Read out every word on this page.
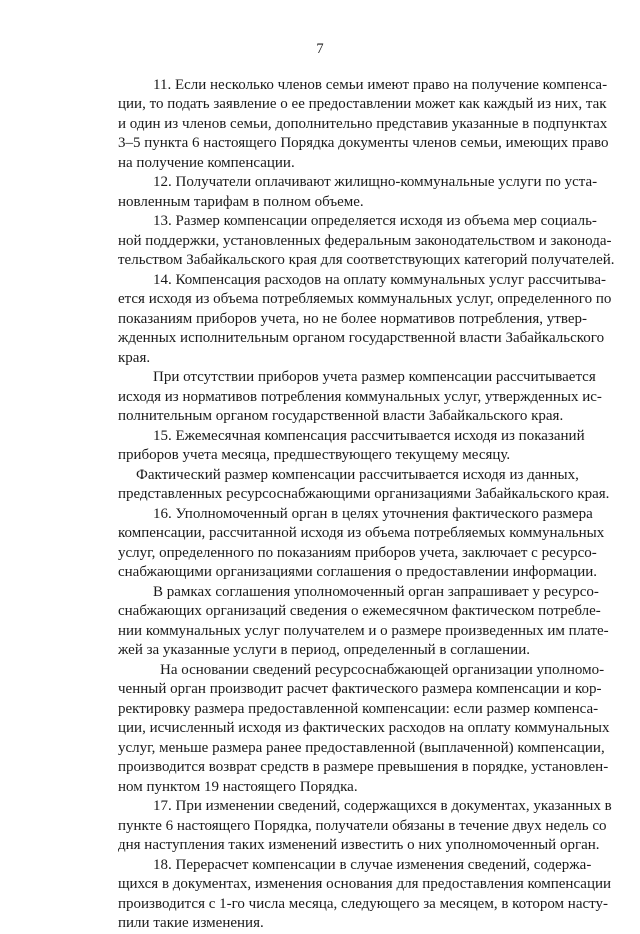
7

11. Если несколько членов семьи имеют право на получение компенса-
ции, то подать заявление о ее предоставлении может как каждый из них, так
и один из членов семьи, дополнительно представив указанные в подпунктах
3–5 пункта 6 настоящего Порядка документы членов семьи, имеющих право
на получение компенсации.

12. Получатели оплачивают жилищно-коммунальные услуги по уста-
новленным тарифам в полном объеме.

13. Размер компенсации определяется исходя из объема мер социаль-
ной поддержки, установленных федеральным законодательством и законода-
тельством Забайкальского края для соответствующих категорий получателей.

14. Компенсация расходов на оплату коммунальных услуг рассчитыва-
ется исходя из объема потребляемых коммунальных услуг, определенного по
показаниям приборов учета, но не более нормативов потребления, утвер-
жденных исполнительным органом государственной власти Забайкальского
края.

При отсутствии приборов учета размер компенсации рассчитывается
исходя из нормативов потребления коммунальных услуг, утвержденных ис-
полнительным органом государственной власти Забайкальского края.

15. Ежемесячная компенсация рассчитывается исходя из показаний
приборов учета месяца, предшествующего текущему месяцу.

Фактический размер компенсации рассчитывается исходя из данных,
представленных ресурсоснабжающими организациями Забайкальского края.

16. Уполномоченный орган в целях уточнения фактического размера
компенсации, рассчитанной исходя из объема потребляемых коммунальных
услуг, определенного по показаниям приборов учета, заключает с ресурсо-
снабжающими организациями соглашения о предоставлении информации.

В рамках соглашения уполномоченный орган запрашивает у ресурсо-
снабжающих организаций сведения о ежемесячном фактическом потребле-
нии коммунальных услуг получателем и о размере произведенных им плате-
жей за указанные услуги в период, определенный в соглашении.

На основании сведений ресурсоснабжающей организации уполномо-
ченный орган производит расчет фактического размера компенсации и кор-
ректировку размера предоставленной компенсации: если размер компенса-
ции, исчисленный исходя из фактических расходов на оплату коммунальных
услуг, меньше размера ранее предоставленной (выплаченной) компенсации,
производится возврат средств в размере превышения в порядке, установлен-
ном пунктом 19 настоящего Порядка.

17. При изменении сведений, содержащихся в документах, указанных в
пункте 6 настоящего Порядка, получатели обязаны в течение двух недель со
дня наступления таких изменений известить о них уполномоченный орган.

18. Перерасчет компенсации в случае изменения сведений, содержа-
щихся в документах, изменения основания для предоставления компенсации
производится с 1-го числа месяца, следующего за месяцем, в котором насту-
пили такие изменения.
